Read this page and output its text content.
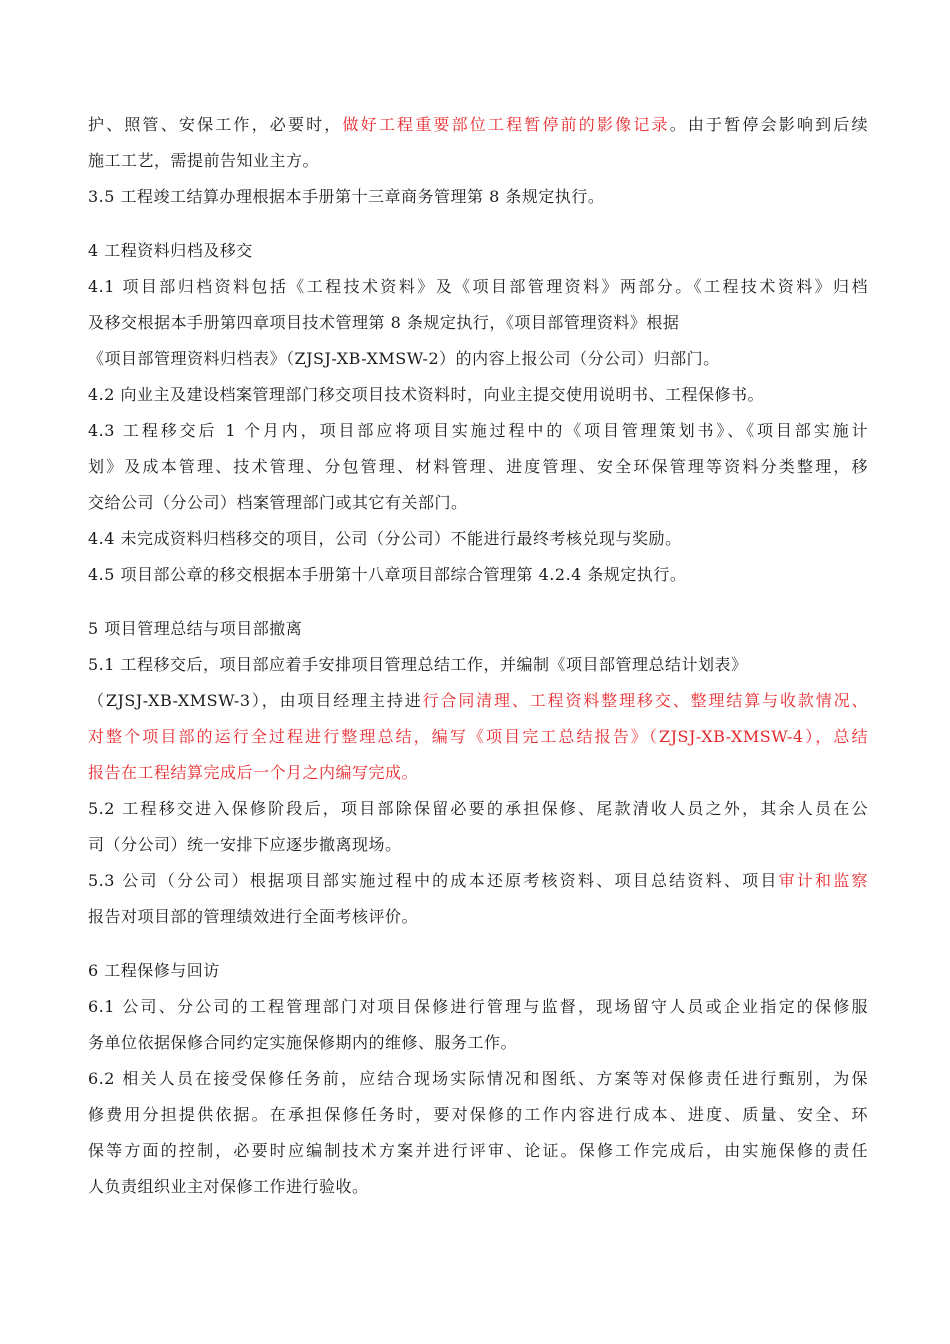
护、照管、安保工作，必要时，做好工程重要部位工程暂停前的影像记录。由于暂停会影响到后续
施工工艺，需提前告知业主方。
3.5 工程竣工结算办理根据本手册第十三章商务管理第 8 条规定执行。
4 工程资料归档及移交
4.1 项目部归档资料包括《工程技术资料》及《项目部管理资料》两部分。《工程技术资料》归档
及移交根据本手册第四章项目技术管理第 8 条规定执行，《项目部管理资料》根据
《项目部管理资料归档表》（ZJSJ-XB-XMSW-2）的内容上报公司（分公司）归部门。
4.2 向业主及建设档案管理部门移交项目技术资料时，向业主提交使用说明书、工程保修书。
4.3 工程移交后 1 个月内，项目部应将项目实施过程中的《项目管理策划书》、《项目部实施计
划》及成本管理、技术管理、分包管理、材料管理、进度管理、安全环保管理等资料分类整理，移
交给公司（分公司）档案管理部门或其它有关部门。
4.4 未完成资料归档移交的项目，公司（分公司）不能进行最终考核兑现与奖励。
4.5 项目部公章的移交根据本手册第十八章项目部综合管理第 4.2.4 条规定执行。
5 项目管理总结与项目部撤离
5.1 工程移交后，项目部应着手安排项目管理总结工作，并编制《项目部管理总结计划表》
（ZJSJ-XB-XMSW-3），由项目经理主持进行合同清理、工程资料整理移交、整理结算与收款情况、
对整个项目部的运行全过程进行整理总结，编写《项目完工总结报告》（ZJSJ-XB-XMSW-4），总结
报告在工程结算完成后一个月之内编写完成。
5.2 工程移交进入保修阶段后，项目部除保留必要的承担保修、尾款清收人员之外，其余人员在公
司（分公司）统一安排下应逐步撤离现场。
5.3 公司（分公司）根据项目部实施过程中的成本还原考核资料、项目总结资料、项目审计和监察
报告对项目部的管理绩效进行全面考核评价。
6 工程保修与回访
6.1 公司、分公司的工程管理部门对项目保修进行管理与监督，现场留守人员或企业指定的保修服
务单位依据保修合同约定实施保修期内的维修、服务工作。
6.2 相关人员在接受保修任务前，应结合现场实际情况和图纸、方案等对保修责任进行甄别，为保
修费用分担提供依据。在承担保修任务时，要对保修的工作内容进行成本、进度、质量、安全、环
保等方面的控制，必要时应编制技术方案并进行评审、论证。保修工作完成后，由实施保修的责任
人负责组织业主对保修工作进行验收。
